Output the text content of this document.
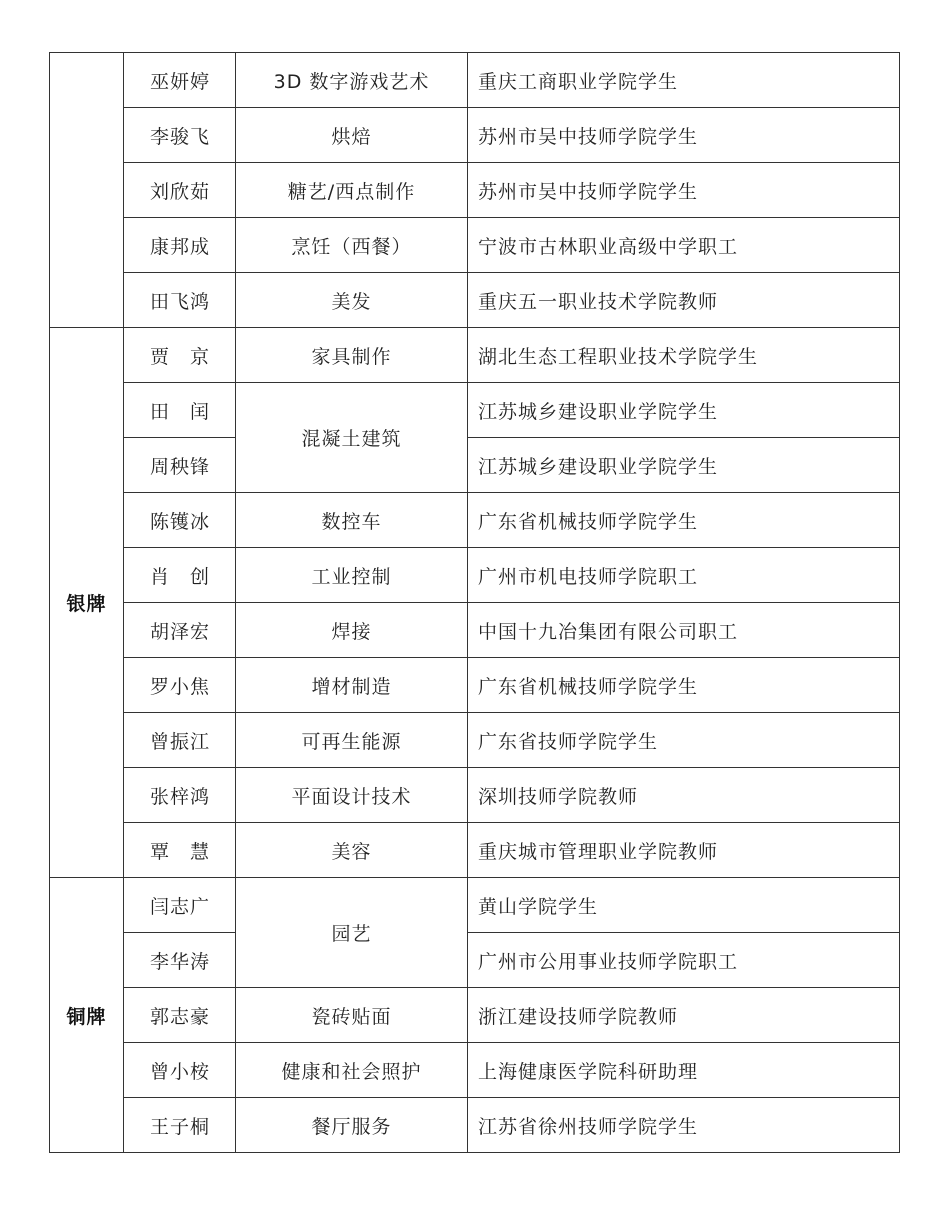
	巫妍婷	3D 数字游戏艺术	重庆工商职业学院学生
	李骏飞	烘焙	苏州市吴中技师学院学生
	刘欣茹	糖艺/西点制作	苏州市吴中技师学院学生
	康邦成	烹饪（西餐）	宁波市古林职业高级中学职工
	田飞鸿	美发	重庆五一职业技术学院教师
银牌	贾　京	家具制作	湖北生态工程职业技术学院学生
	田　闰	混凝土建筑	江苏城乡建设职业学院学生
	周秧锋		江苏城乡建设职业学院学生
	陈镬冰	数控车	广东省机械技师学院学生
	肖　创	工业控制	广州市机电技师学院职工
	胡泽宏	焊接	中国十九冶集团有限公司职工
	罗小焦	增材制造	广东省机械技师学院学生
	曾振江	可再生能源	广东省技师学院学生
	张梓鸿	平面设计技术	深圳技师学院教师
	覃　慧	美容	重庆城市管理职业学院教师
铜牌	闫志广	园艺	黄山学院学生
	李华涛		广州市公用事业技师学院职工
	郭志豪	瓷砖贴面	浙江建设技师学院教师
	曾小桉	健康和社会照护	上海健康医学院科研助理
	王子桐	餐厅服务	江苏省徐州技师学院学生
